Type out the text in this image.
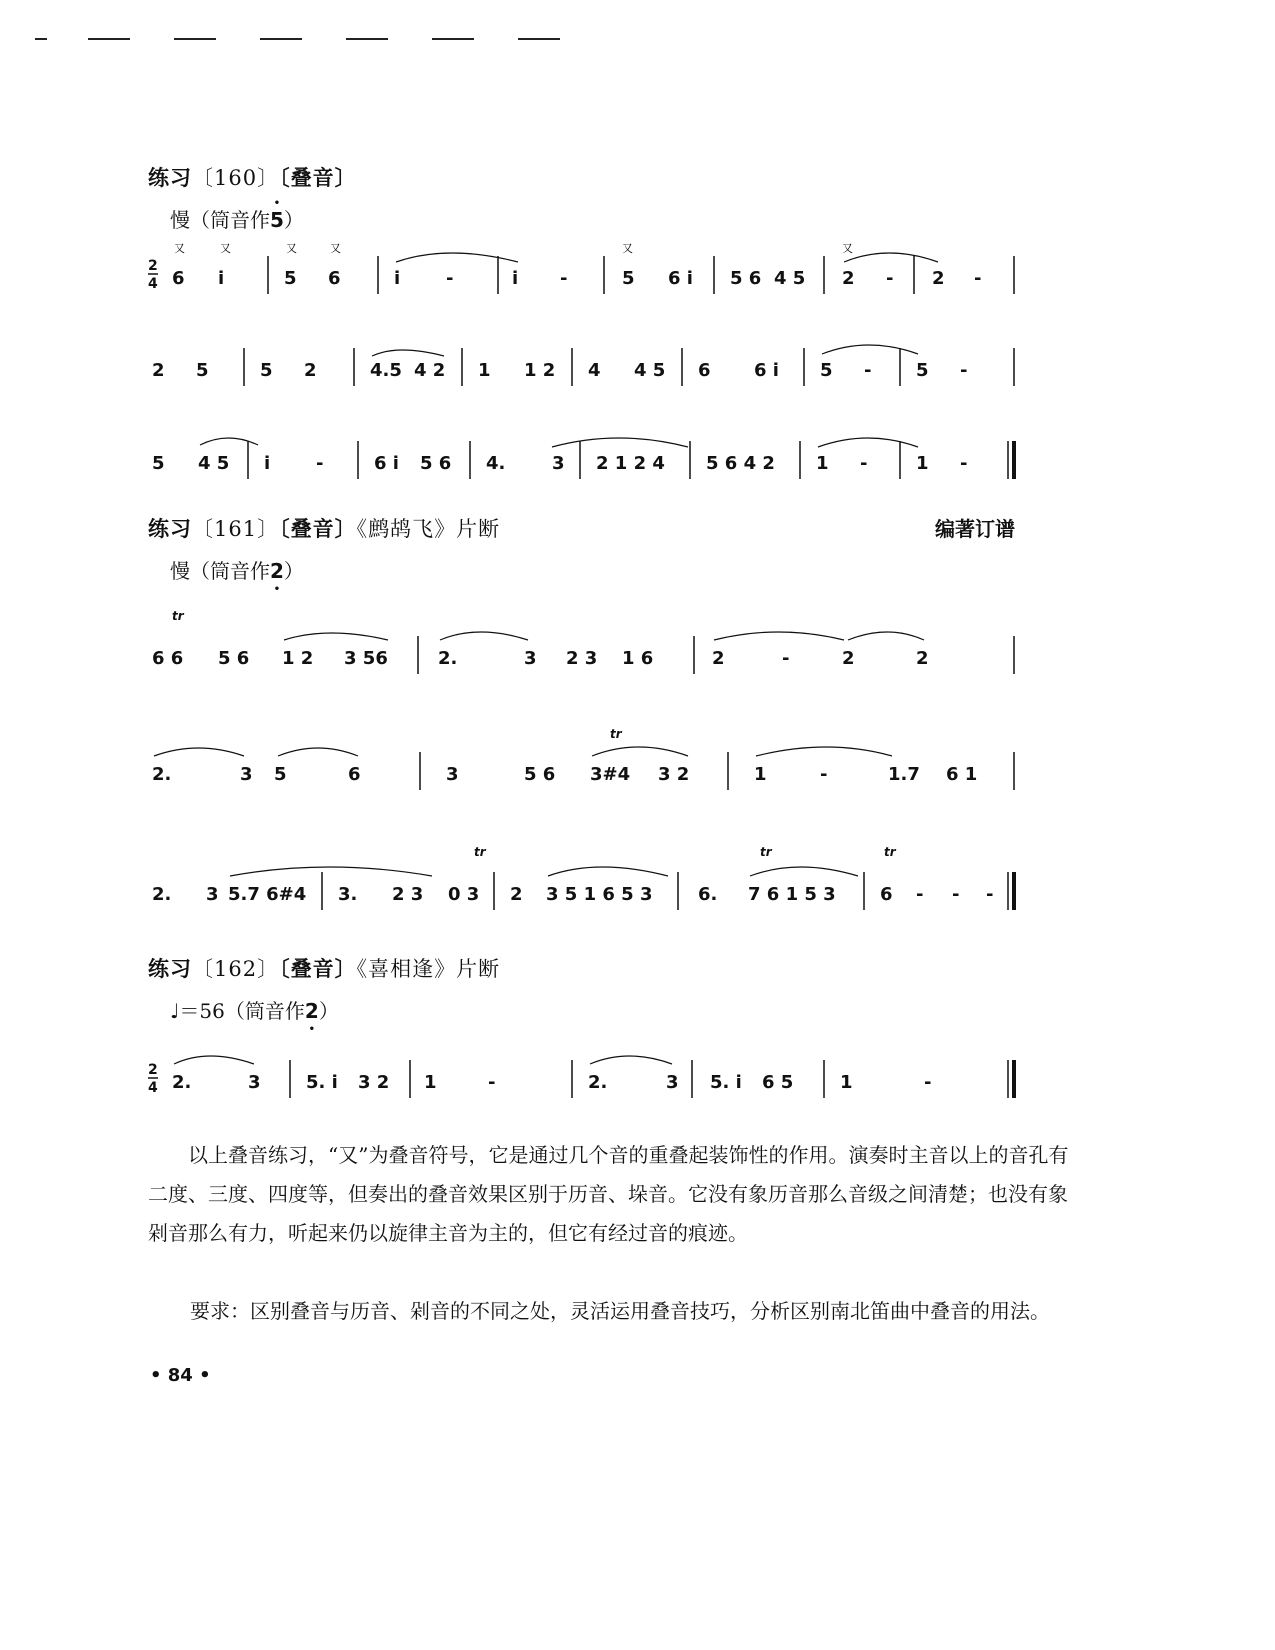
练习〔160〕〔叠音〕
慢（筒音作5 •）
2
4 6 i	5 6	i	-	i -	5 6 i 5 6 4 5 2 - 2 -
又	又	又	又	又	又
2 5	5 2	4.5 4 2 1 1 2 4 4 5 6 6 i 5 - 5 -
5 4 5 i	-	6 i 5 6 4.	3 2 1 2 4 5 6 4 2 1 -	1 -
练习〔161〕〔叠音〕《鹧鸪飞》片断	编著订谱
慢（筒音作2 •）
tr
6 6 5 6 1 2 3 56	2.	3 2 3 1 6	2	-	2	2
2.	3 5	6	3	5 6
tr
3#4 3 2	1	-	1.7 6 1
2. 3 5.7 6#4 3. 2 3
tr
0 3 2 3 5 1 6 5 3	6.
tr
7 6 1 5 3
tr
6 - - -
练习〔162〕〔叠音〕《喜相逢》片断
♩＝56（筒音作2 •）
2
4 2.	3	5. i 3 2 1	-	2.	3 5. i 6 5	1	-

以上叠音练习，“又”为叠音符号，它是通过几个音的重叠起装饰性的作用。演奏时主音以上的音孔有二度、三度、四度等，但奏出的叠音效果区别于历音、垛音。它没有象历音那么音级之间清楚；也没有象剁音那么有力，听起来仍以旋律主音为主的，但它有经过音的痕迹。

要求：区别叠音与历音、剁音的不同之处，灵活运用叠音技巧，分析区别南北笛曲中叠音的用法。
• 84 •
